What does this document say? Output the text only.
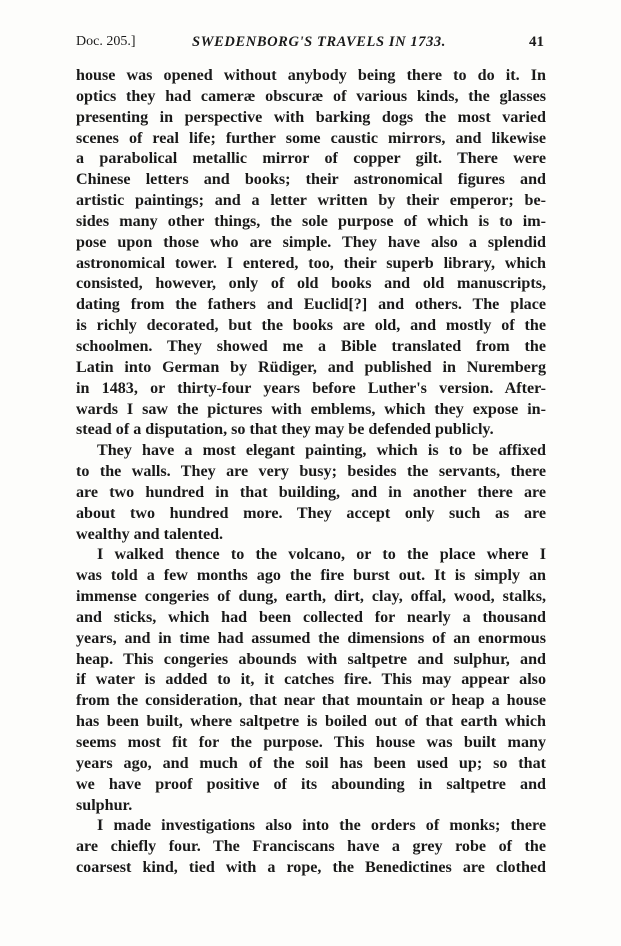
Doc. 205.]	SWEDENBORG'S TRAVELS IN 1733.	41
house was opened without anybody being there to do it. In
optics they had cameræ obscuræ of various kinds, the glasses
presenting in perspective with barking dogs the most varied
scenes of real life; further some caustic mirrors, and likewise
a parabolical metallic mirror of copper gilt. There were
Chinese letters and books; their astronomical figures and
artistic paintings; and a letter written by their emperor; be-
sides many other things, the sole purpose of which is to im-
pose upon those who are simple. They have also a splendid
astronomical tower. I entered, too, their superb library, which
consisted, however, only of old books and old manuscripts,
dating from the fathers and Euclid[?] and others. The place
is richly decorated, but the books are old, and mostly of the
schoolmen. They showed me a Bible translated from the
Latin into German by Rüdiger, and published in Nuremberg
in 1483, or thirty-four years before Luther's version. After-
wards I saw the pictures with emblems, which they expose in-
stead of a disputation, so that they may be defended publicly.
They have a most elegant painting, which is to be affixed
to the walls. They are very busy; besides the servants, there
are two hundred in that building, and in another there are
about two hundred more. They accept only such as are
wealthy and talented.
I walked thence to the volcano, or to the place where I
was told a few months ago the fire burst out. It is simply an
immense congeries of dung, earth, dirt, clay, offal, wood, stalks,
and sticks, which had been collected for nearly a thousand
years, and in time had assumed the dimensions of an enormous
heap. This congeries abounds with saltpetre and sulphur, and
if water is added to it, it catches fire. This may appear also
from the consideration, that near that mountain or heap a house
has been built, where saltpetre is boiled out of that earth which
seems most fit for the purpose. This house was built many
years ago, and much of the soil has been used up; so that
we have proof positive of its abounding in saltpetre and
sulphur.
I made investigations also into the orders of monks; there
are chiefly four. The Franciscans have a grey robe of the
coarsest kind, tied with a rope, the Benedictines are clothed
